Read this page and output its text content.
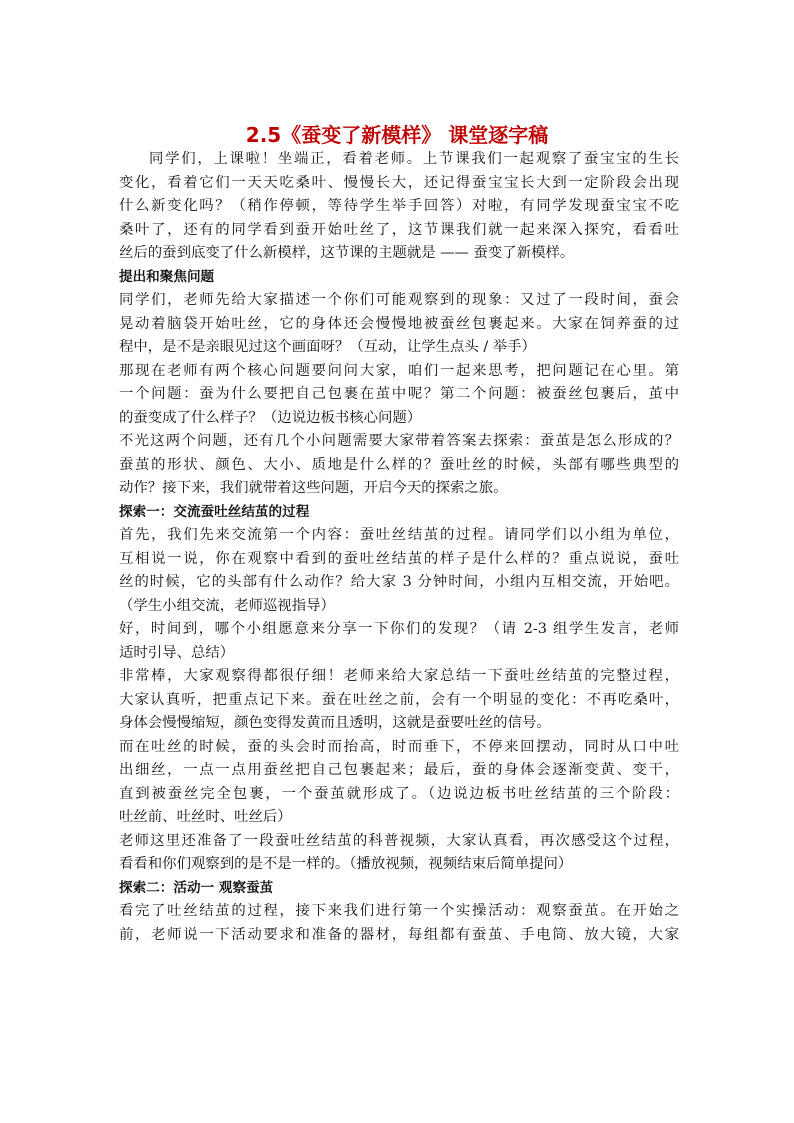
2.5《蚕变了新模样》 课堂逐字稿
同学们，上课啦！坐端正，看着老师。上节课我们一起观察了蚕宝宝的生长
变化，看着它们一天天吃桑叶、慢慢长大，还记得蚕宝宝长大到一定阶段会出现
什么新变化吗？（稍作停顿，等待学生举手回答）对啦，有同学发现蚕宝宝不吃
桑叶了，还有的同学看到蚕开始吐丝了，这节课我们就一起来深入探究，看看吐
丝后的蚕到底变了什么新模样，这节课的主题就是 —— 蚕变了新模样。
提出和聚焦问题
同学们，老师先给大家描述一个你们可能观察到的现象：又过了一段时间，蚕会
晃动着脑袋开始吐丝，它的身体还会慢慢地被蚕丝包裹起来。大家在饲养蚕的过
程中，是不是亲眼见过这个画面呀？（互动，让学生点头 / 举手）
那现在老师有两个核心问题要问问大家，咱们一起来思考，把问题记在心里。第
一个问题：蚕为什么要把自己包裹在茧中呢？第二个问题：被蚕丝包裹后，茧中
的蚕变成了什么样子？（边说边板书核心问题）
不光这两个问题，还有几个小问题需要大家带着答案去探索：蚕茧是怎么形成的？
蚕茧的形状、颜色、大小、质地是什么样的？蚕吐丝的时候，头部有哪些典型的
动作？接下来，我们就带着这些问题，开启今天的探索之旅。
探索一：交流蚕吐丝结茧的过程
首先，我们先来交流第一个内容：蚕吐丝结茧的过程。请同学们以小组为单位，
互相说一说，你在观察中看到的蚕吐丝结茧的样子是什么样的？重点说说，蚕吐
丝的时候，它的头部有什么动作？给大家 3 分钟时间，小组内互相交流，开始吧。
（学生小组交流，老师巡视指导）
好，时间到，哪个小组愿意来分享一下你们的发现？（请 2-3 组学生发言，老师
适时引导、总结）
非常棒，大家观察得都很仔细！老师来给大家总结一下蚕吐丝结茧的完整过程，
大家认真听，把重点记下来。蚕在吐丝之前，会有一个明显的变化：不再吃桑叶，
身体会慢慢缩短，颜色变得发黄而且透明，这就是蚕要吐丝的信号。
而在吐丝的时候，蚕的头会时而抬高，时而垂下，不停来回摆动，同时从口中吐
出细丝，一点一点用蚕丝把自己包裹起来；最后，蚕的身体会逐渐变黄、变干，
直到被蚕丝完全包裹，一个蚕茧就形成了。（边说边板书吐丝结茧的三个阶段：
吐丝前、吐丝时、吐丝后）
老师这里还准备了一段蚕吐丝结茧的科普视频，大家认真看，再次感受这个过程，
看看和你们观察到的是不是一样的。（播放视频，视频结束后简单提问）
探索二：活动一 观察蚕茧
看完了吐丝结茧的过程，接下来我们进行第一个实操活动：观察蚕茧。在开始之
前，老师说一下活动要求和准备的器材，每组都有蚕茧、手电筒、放大镜，大家
